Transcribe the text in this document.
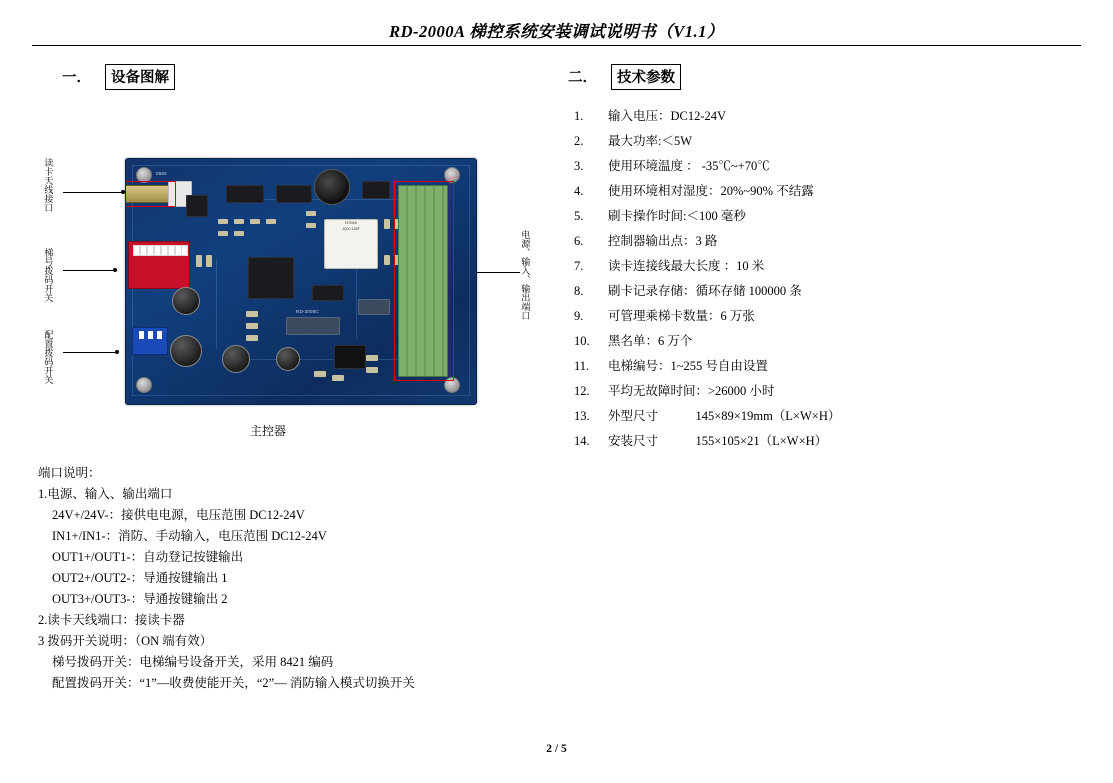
RD-2000A 梯控系统安装调试说明书（V1.1）
一． 设备图解	二． 技术参数
读卡天线接口
梯号拨码开关
配置拨码开关
电源、输入、输出端口
0582
RD-2000C
H7045
JQX-115F
主控器
端口说明：
1.电源、输入、输出端口
24V+/24V-：接供电电源，电压范围 DC12-24V
IN1+/IN1-：消防、手动输入，电压范围 DC12-24V
OUT1+/OUT1-：自动登记按键输出
OUT2+/OUT2-：导通按键输出 1
OUT3+/OUT3-：导通按键输出 2
2.读卡天线端口：接读卡器
3 拨码开关说明：（ON 端有效）
梯号拨码开关：电梯编号设备开关，采用 8421 编码
配置拨码开关：“1”—收费使能开关，“2”— 消防输入模式切换开关
1.	输入电压：DC12-24V
2.	最大功率:＜5W
3.	使用环境温度 ： -35℃~+70℃
4.	使用环境相对湿度：20%~90% 不结露
5.	刷卡操作时间:＜100 毫秒
6.	控制器输出点：3 路
7.	读卡连接线最大长度 ：10 米
8.	刷卡记录存储：循环存储 100000 条
9.	可管理乘梯卡数量：6 万张
10.	黑名单：6 万个
11.	电梯编号：1~255 号自由设置
12.	平均无故障时间：>26000 小时
13.	外型尺寸　　　145×89×19mm（L×W×H）
14.	安装尺寸　　　155×105×21（L×W×H）
2 / 5
